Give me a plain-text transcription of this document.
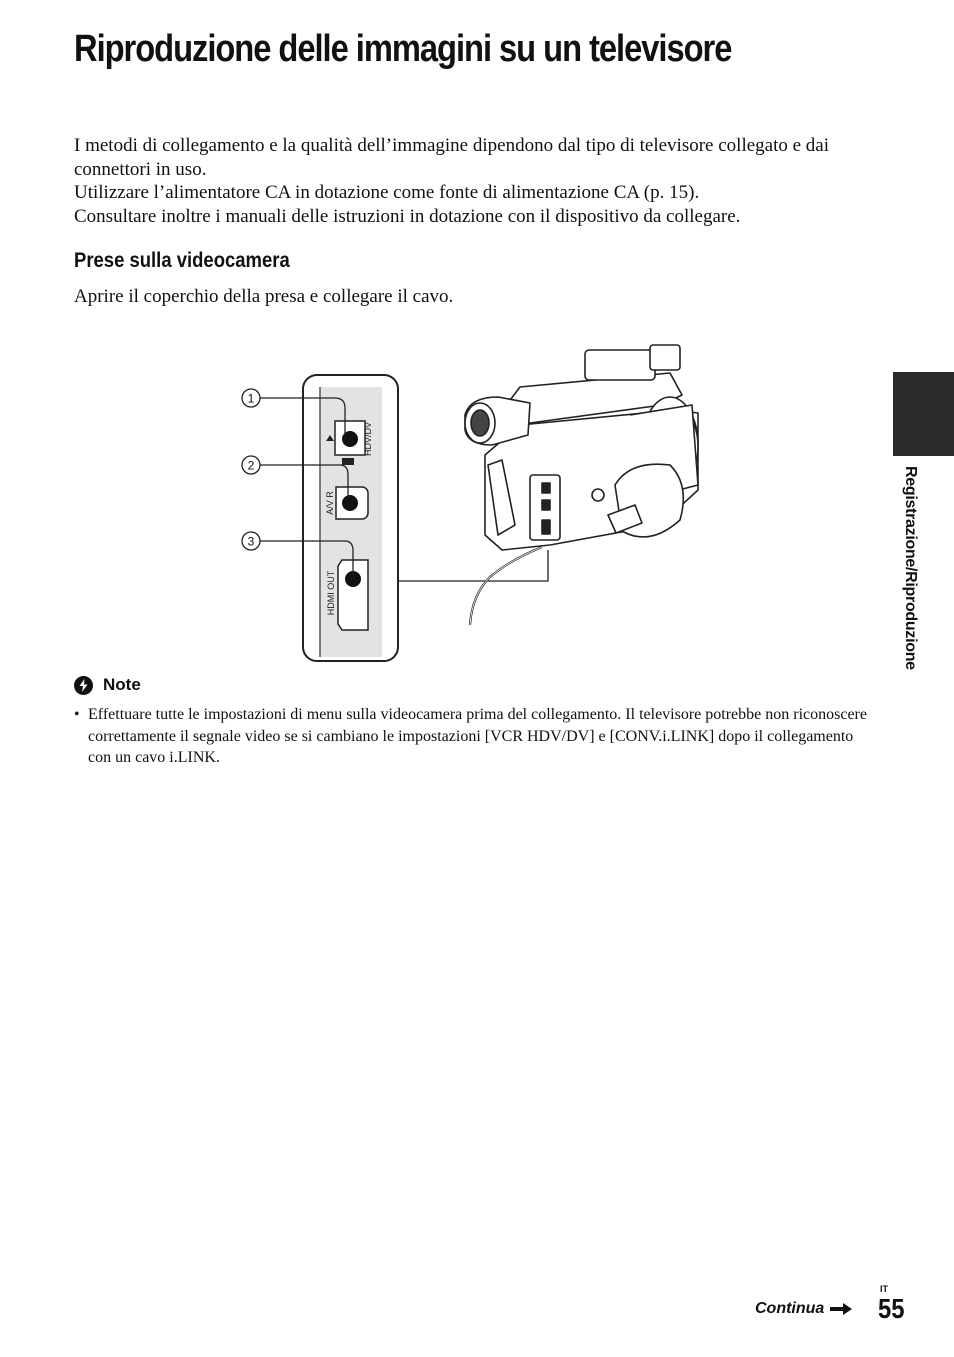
Riproduzione delle immagini su un televisore

I metodi di collegamento e la qualità dell’immagine dipendono dal tipo di televisore collegato e dai connettori in uso.

Utilizzare l’alimentatore CA in dotazione come fonte di alimentazione CA (p. 15).

Consultare inoltre i manuali delle istruzioni in dotazione con il dispositivo da collegare.

Prese sulla videocamera

Aprire il coperchio della presa e collegare il cavo.

HDV/DV
A/V R
HDMI OUT
1
2
3
Note
• Effettuare tutte le impostazioni di menu sulla videocamera prima del collegamento. Il televisore potrebbe non riconoscere correttamente il segnale video se si cambiano le impostazioni [VCR HDV/DV] e [CONV.i.LINK] dopo il collegamento con un cavo i.LINK.
Registrazione/Riproduzione
Continua
IT
55
